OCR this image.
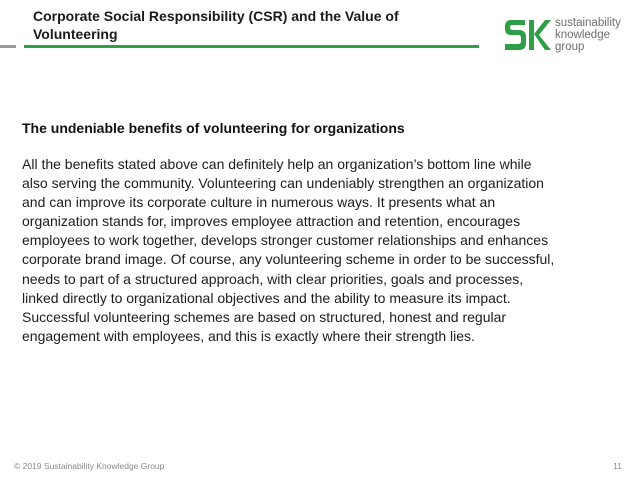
Corporate Social Responsibility (CSR) and the Value of
Volunteering
sustainability
knowledge
group
The undeniable benefits of volunteering for organizations
All the benefits stated above can definitely help an organization’s bottom line while
also serving the community. Volunteering can undeniably strengthen an organization
and can improve its corporate culture in numerous ways. It presents what an
organization stands for, improves employee attraction and retention, encourages
employees to work together, develops stronger customer relationships and enhances
corporate brand image. Of course, any volunteering scheme in order to be successful,
needs to part of a structured approach, with clear priorities, goals and processes,
linked directly to organizational objectives and the ability to measure its impact.
Successful volunteering schemes are based on structured, honest and regular
engagement with employees, and this is exactly where their strength lies.
© 2019 Sustainability Knowledge Group	11
